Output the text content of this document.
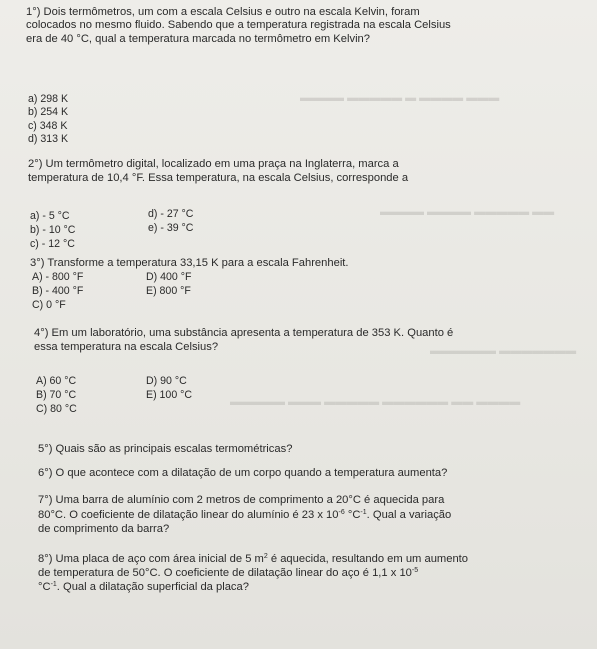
▬▬▬ ▬▬▬▬ ▬ ▬▬▬▬▬ ▬▬▬▬
▬▬ ▬▬▬▬▬ ▬▬▬▬ ▬▬▬▬
▬▬▬▬▬▬▬ ▬▬▬▬▬▬
▬▬▬▬ ▬▬ ▬▬▬▬▬▬ ▬▬▬▬▬ ▬▬▬ ▬▬▬▬▬
1°) Dois termômetros, um com a escala Celsius e outro na escala Kelvin, foram
colocados no mesmo fluido. Sabendo que a temperatura registrada na escala Celsius
era de 40 °C, qual a temperatura marcada no termômetro em Kelvin?
a) 298 K
b) 254 K
c) 348 K
d) 313 K
2°) Um termômetro digital, localizado em uma praça na Inglaterra, marca a
temperatura de 10,4 °F. Essa temperatura, na escala Celsius, corresponde a
a) - 5 °C
b) - 10 °C
c) - 12 °C
d) - 27 °C
e) - 39 °C
3°) Transforme a temperatura 33,15 K para a escala Fahrenheit.
A) - 800 °F
B) - 400 °F
C) 0 °F
D) 400 °F
E) 800 °F
4°) Em um laboratório, uma substância apresenta a temperatura de 353 K. Quanto é
essa temperatura na escala Celsius?
A) 60 °C
B) 70 °C
C) 80 °C
D) 90 °C
E) 100 °C
5°) Quais são as principais escalas termométricas?
6°) O que acontece com a dilatação de um corpo quando a temperatura aumenta?
7°) Uma barra de alumínio com 2 metros de comprimento a 20°C é aquecida para
80°C. O coeficiente de dilatação linear do alumínio é 23 x $10^{-6}$ $^\circ C^{-1}$. Qual a variação
de comprimento da barra?
8°) Uma placa de aço com área inicial de 5 $m^2$ é aquecida, resultando em um aumento
de temperatura de 50°C. O coeficiente de dilatação linear do aço é 1,1 x $10^{-5}$
$^\circ C^{-1}$. Qual a dilatação superficial da placa?
